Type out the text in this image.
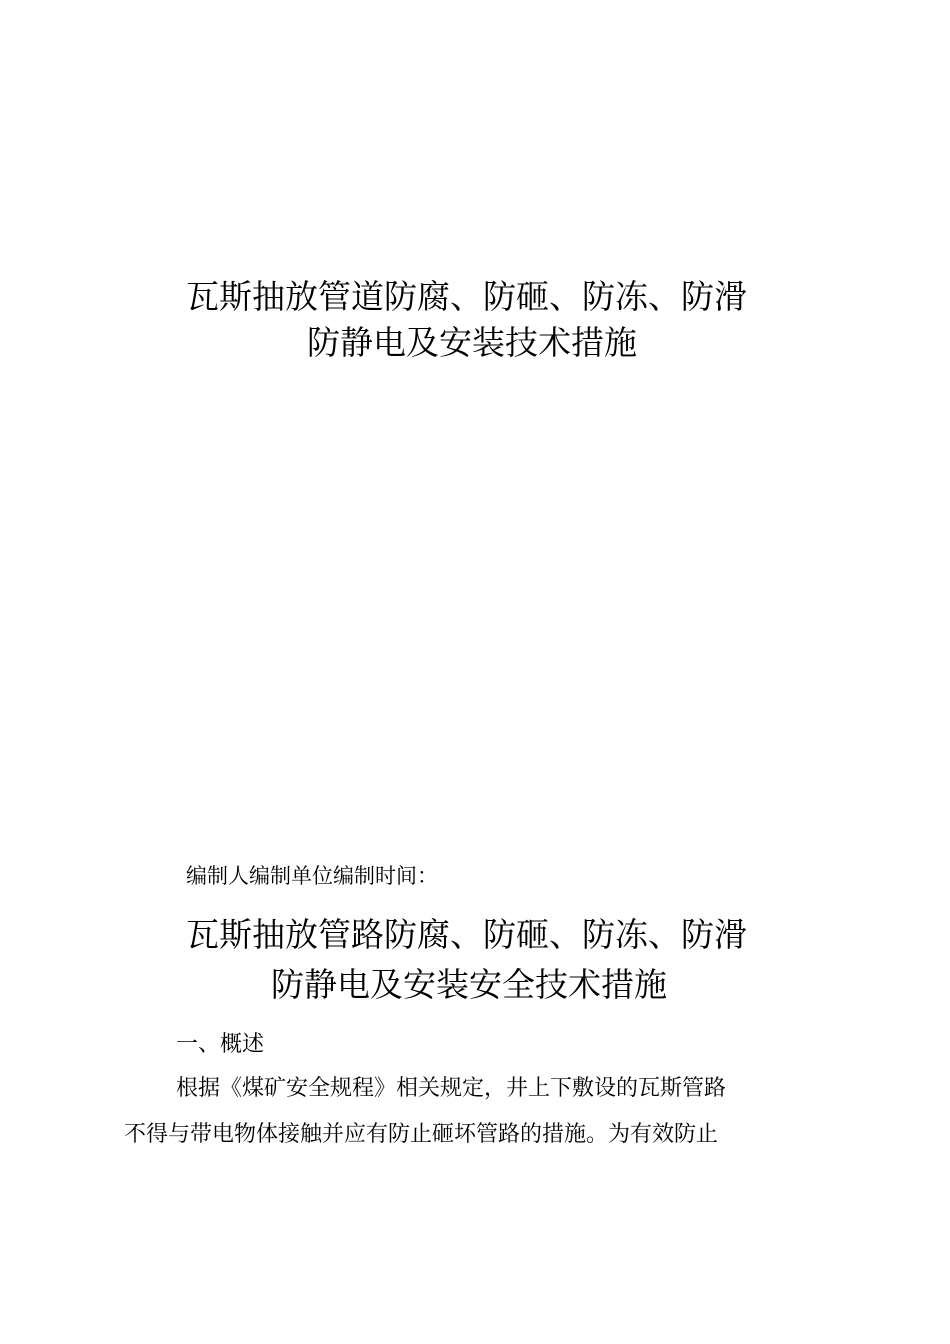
瓦斯抽放管道防腐、防砸、防冻、防滑
防静电及安装技术措施
编制人编制单位编制时间：
瓦斯抽放管路防腐、防砸、防冻、防滑
防静电及安装安全技术措施
一、概述
根据《煤矿安全规程》相关规定，井上下敷设的瓦斯管路
不得与带电物体接触并应有防止砸坏管路的措施。为有效防止
